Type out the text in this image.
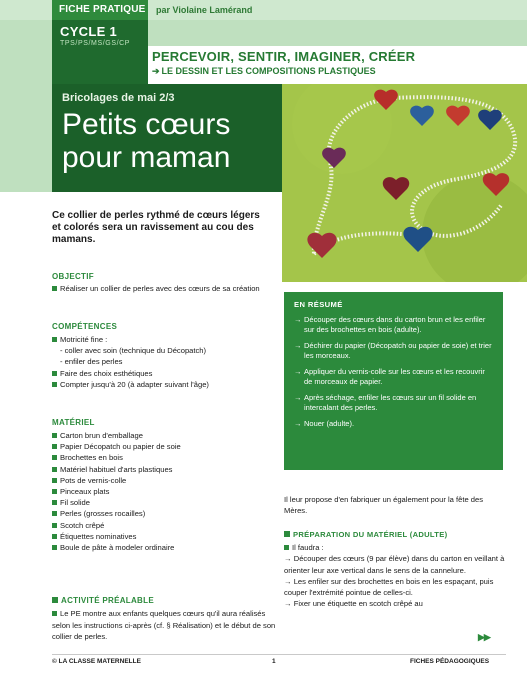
FICHE PRATIQUE par Violaine Lamérand
CYCLE 1
TPS/PS/MS/GS/CP
PERCEVOIR, SENTIR, IMAGINER, CRÉER
➔ LE DESSIN ET LES COMPOSITIONS PLASTIQUES
Bricolages de mai 2/3
Petits cœurs
pour maman
Ce collier de perles rythmé de cœurs légers et colorés sera un ravissement au cou des mamans.
OBJECTIF
Réaliser un collier de perles avec des cœurs de sa création
COMPÉTENCES
Motricité fine :
- coller avec soin (technique du Décopatch)
- enfiler des perles
Faire des choix esthétiques
Compter jusqu'à 20 (à adapter suivant l'âge)
MATÉRIEL
Carton brun d'emballage
Papier Décopatch ou papier de soie
Brochettes en bois
Matériel habituel d'arts plastiques
Pots de vernis-colle
Pinceaux plats
Fil solide
Perles (grosses rocailles)
Scotch crêpé
Étiquettes nominatives
Boule de pâte à modeler ordinaire
ACTIVITÉ PRÉALABLE
Le PE montre aux enfants quelques cœurs qu'il aura réalisés selon les instructions ci-après (cf. § Réalisation) et le début de son collier de perles.
EN RÉSUMÉ
→ Découper des cœurs dans du carton brun et les enfiler sur des brochettes en bois (adulte).
→ Déchirer du papier (Décopatch ou papier de soie) et trier les morceaux.
→ Appliquer du vernis-colle sur les cœurs et les recouvrir de morceaux de papier.
→ Après séchage, enfiler les cœurs sur un fil solide en intercalant des perles.
→ Nouer (adulte).
Il leur propose d'en fabriquer un également pour la fête des Mères.
PRÉPARATION DU MATÉRIEL (ADULTE)
Il faudra :
→ Découper des cœurs (9 par élève) dans du carton en veillant à orienter leur axe vertical dans le sens de la cannelure.
→ Les enfiler sur des brochettes en bois en les espaçant, puis couper l'extrémité pointue de celles-ci.
→ Fixer une étiquette en scotch crêpé au
▶▶
© LA CLASSE MATERNELLE	1	FICHES PÉDAGOGIQUES
